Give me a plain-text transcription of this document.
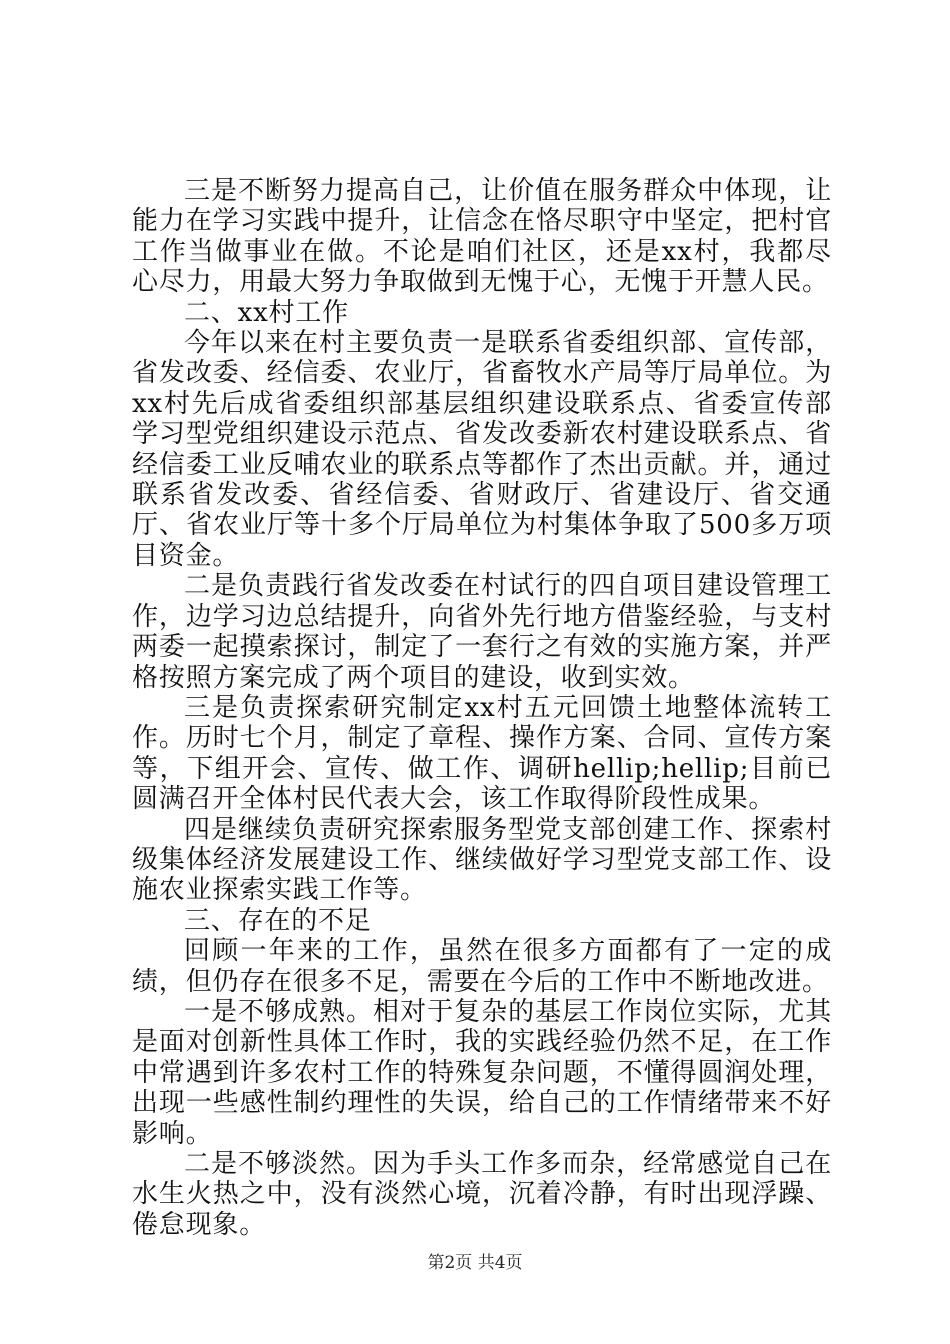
三是不断努力提高自己，让价值在服务群众中体现，让能力在学习实践中提升，让信念在恪尽职守中坚定，把村官工作当做事业在做。不论是咱们社区，还是xx村，我都尽心尽力，用最大努力争取做到无愧于心，无愧于开慧人民。

二、xx村工作

今年以来在村主要负责一是联系省委组织部、宣传部，省发改委、经信委、农业厅，省畜牧水产局等厅局单位。为xx村先后成省委组织部基层组织建设联系点、省委宣传部学习型党组织建设示范点、省发改委新农村建设联系点、省经信委工业反哺农业的联系点等都作了杰出贡献。并，通过联系省发改委、省经信委、省财政厅、省建设厅、省交通厅、省农业厅等十多个厅局单位为村集体争取了500多万项目资金。

二是负责践行省发改委在村试行的四自项目建设管理工作，边学习边总结提升，向省外先行地方借鉴经验，与支村两委一起摸索探讨，制定了一套行之有效的实施方案，并严格按照方案完成了两个项目的建设，收到实效。

三是负责探索研究制定xx村五元回馈土地整体流转工作。历时七个月，制定了章程、操作方案、合同、宣传方案等，下组开会、宣传、做工作、调研hellip;hellip;目前已圆满召开全体村民代表大会，该工作取得阶段性成果。

四是继续负责研究探索服务型党支部创建工作、探索村级集体经济发展建设工作、继续做好学习型党支部工作、设施农业探索实践工作等。

三、存在的不足

回顾一年来的工作，虽然在很多方面都有了一定的成绩，但仍存在很多不足，需要在今后的工作中不断地改进。

一是不够成熟。相对于复杂的基层工作岗位实际，尤其是面对创新性具体工作时，我的实践经验仍然不足，在工作中常遇到许多农村工作的特殊复杂问题，不懂得圆润处理，出现一些感性制约理性的失误，给自己的工作情绪带来不好影响。

二是不够淡然。因为手头工作多而杂，经常感觉自己在水生火热之中，没有淡然心境，沉着冷静，有时出现浮躁、倦怠现象。

第2页 共4页
